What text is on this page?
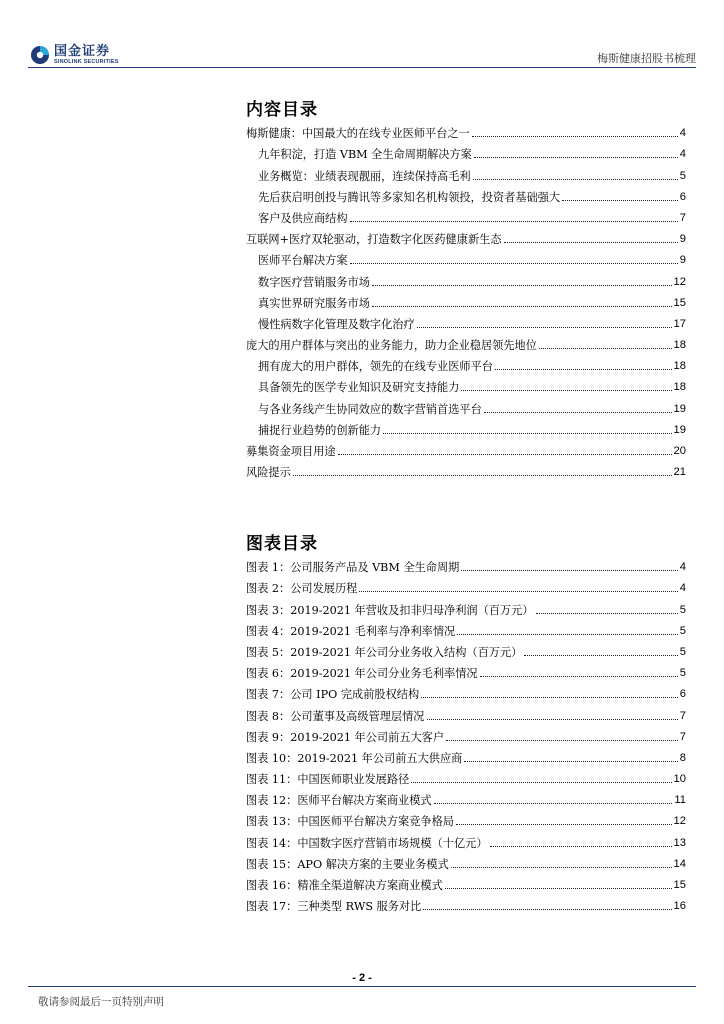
国金证券
SINOLINK SECURITIES	梅斯健康招股书梳理
内容目录
梅斯健康：中国最大的在线专业医师平台之一	4
九年积淀，打造 VBM 全生命周期解决方案	4
业务概览：业绩表现靓丽，连续保持高毛利	5
先后获启明创投与腾讯等多家知名机构领投，投资者基础强大	6
客户及供应商结构	7
互联网+医疗双轮驱动，打造数字化医药健康新生态	9
医师平台解决方案	9
数字医疗营销服务市场	12
真实世界研究服务市场	15
慢性病数字化管理及数字化治疗	17
庞大的用户群体与突出的业务能力，助力企业稳居领先地位	18
拥有庞大的用户群体，领先的在线专业医师平台	18
具备领先的医学专业知识及研究支持能力	18
与各业务线产生协同效应的数字营销首选平台	19
捕捉行业趋势的创新能力	19
募集资金项目用途	20
风险提示	21
图表目录
图表 1：公司服务产品及 VBM 全生命周期	4
图表 2：公司发展历程	4
图表 3：2019-2021 年营收及扣非归母净利润（百万元）	5
图表 4：2019-2021 毛利率与净利率情况	5
图表 5：2019-2021 年公司分业务收入结构（百万元）	5
图表 6：2019-2021 年公司分业务毛利率情况	5
图表 7：公司 IPO 完成前股权结构	6
图表 8：公司董事及高级管理层情况	7
图表 9：2019-2021 年公司前五大客户	7
图表 10：2019-2021 年公司前五大供应商	8
图表 11：中国医师职业发展路径	10
图表 12：医师平台解决方案商业模式	11
图表 13：中国医师平台解决方案竞争格局	12
图表 14：中国数字医疗营销市场规模（十亿元）	13
图表 15：APO 解决方案的主要业务模式	14
图表 16：精准全渠道解决方案商业模式	15
图表 17：三种类型 RWS 服务对比	16
- 2 -
敬请参阅最后一页特别声明
